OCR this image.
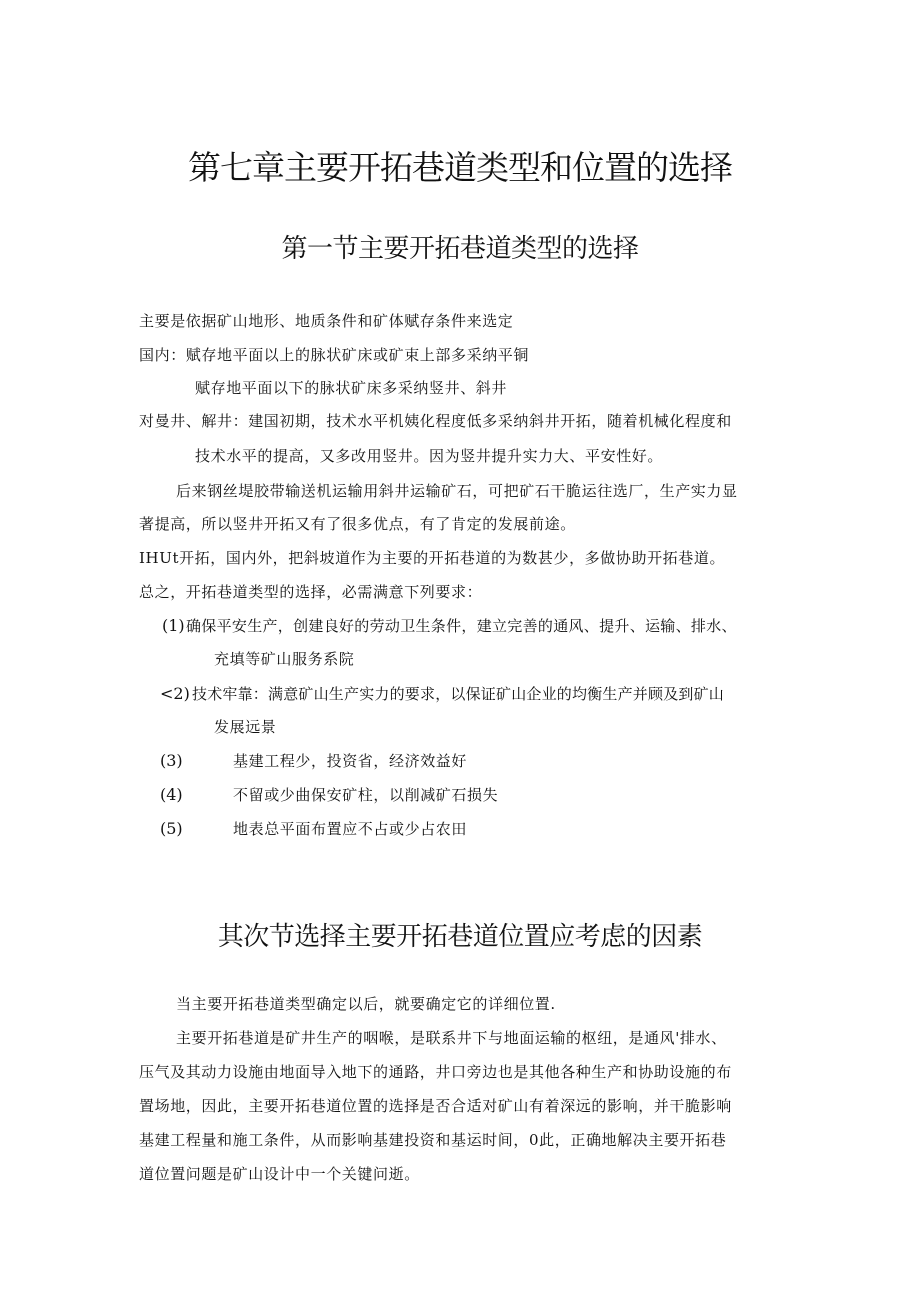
第七章主要开拓巷道类型和位置的选择
第一节主要开拓巷道类型的选择
主要是依据矿山地形、地质条件和矿体赋存条件来选定
国内：赋存地平面以上的脉状矿床或矿束上部多采纳平铜
赋存地平面以下的脉状矿床多采纳竖井、斜井
对曼井、解井：建国初期，技术水平机姨化程度低多采纳斜井开拓，随着机械化程度和
技术水平的提高，又多改用竖井。因为竖井提升实力大、平安性好。
后来钢丝堤胶带输送机运输用斜井运输矿石，可把矿石干脆运往选厂，生产实力显
著提高，所以竖井开拓又有了很多优点，有了肯定的发展前途。
IHUt开拓，国内外，把斜坡道作为主要的开拓巷道的为数甚少，多做协助开拓巷道。
总之，开拓巷道类型的选择，必需满意下列要求：
(1) 确保平安生产，创建良好的劳动卫生条件，建立完善的通风、提升、运输、排水、
充填等矿山服务系院
<2) 技术牢靠：满意矿山生产实力的要求，以保证矿山企业的均衡生产并顾及到矿山
发展远景
(3)	基建工程少，投资省，经济效益好
(4)	不留或少曲保安矿柱，以削减矿石损失
(5)	地表总平面布置应不占或少占农田
其次节选择主要开拓巷道位置应考虑的因素
当主要开拓巷道类型确定以后，就要确定它的详细位置.
主要开拓巷道是矿井生产的咽喉，是联系井下与地面运输的枢纽，是通风'排水、
压气及其动力设施由地面导入地下的通路，井口旁边也是其他各种生产和协助设施的布
置场地，因此，主要开拓巷道位置的选择是否合适对矿山有着深远的影响，并干脆影响
基建工程量和施工条件，从而影响基建投资和基运时间，0此，正确地解决主要开拓巷
道位置问题是矿山设计中一个关键问逝。
